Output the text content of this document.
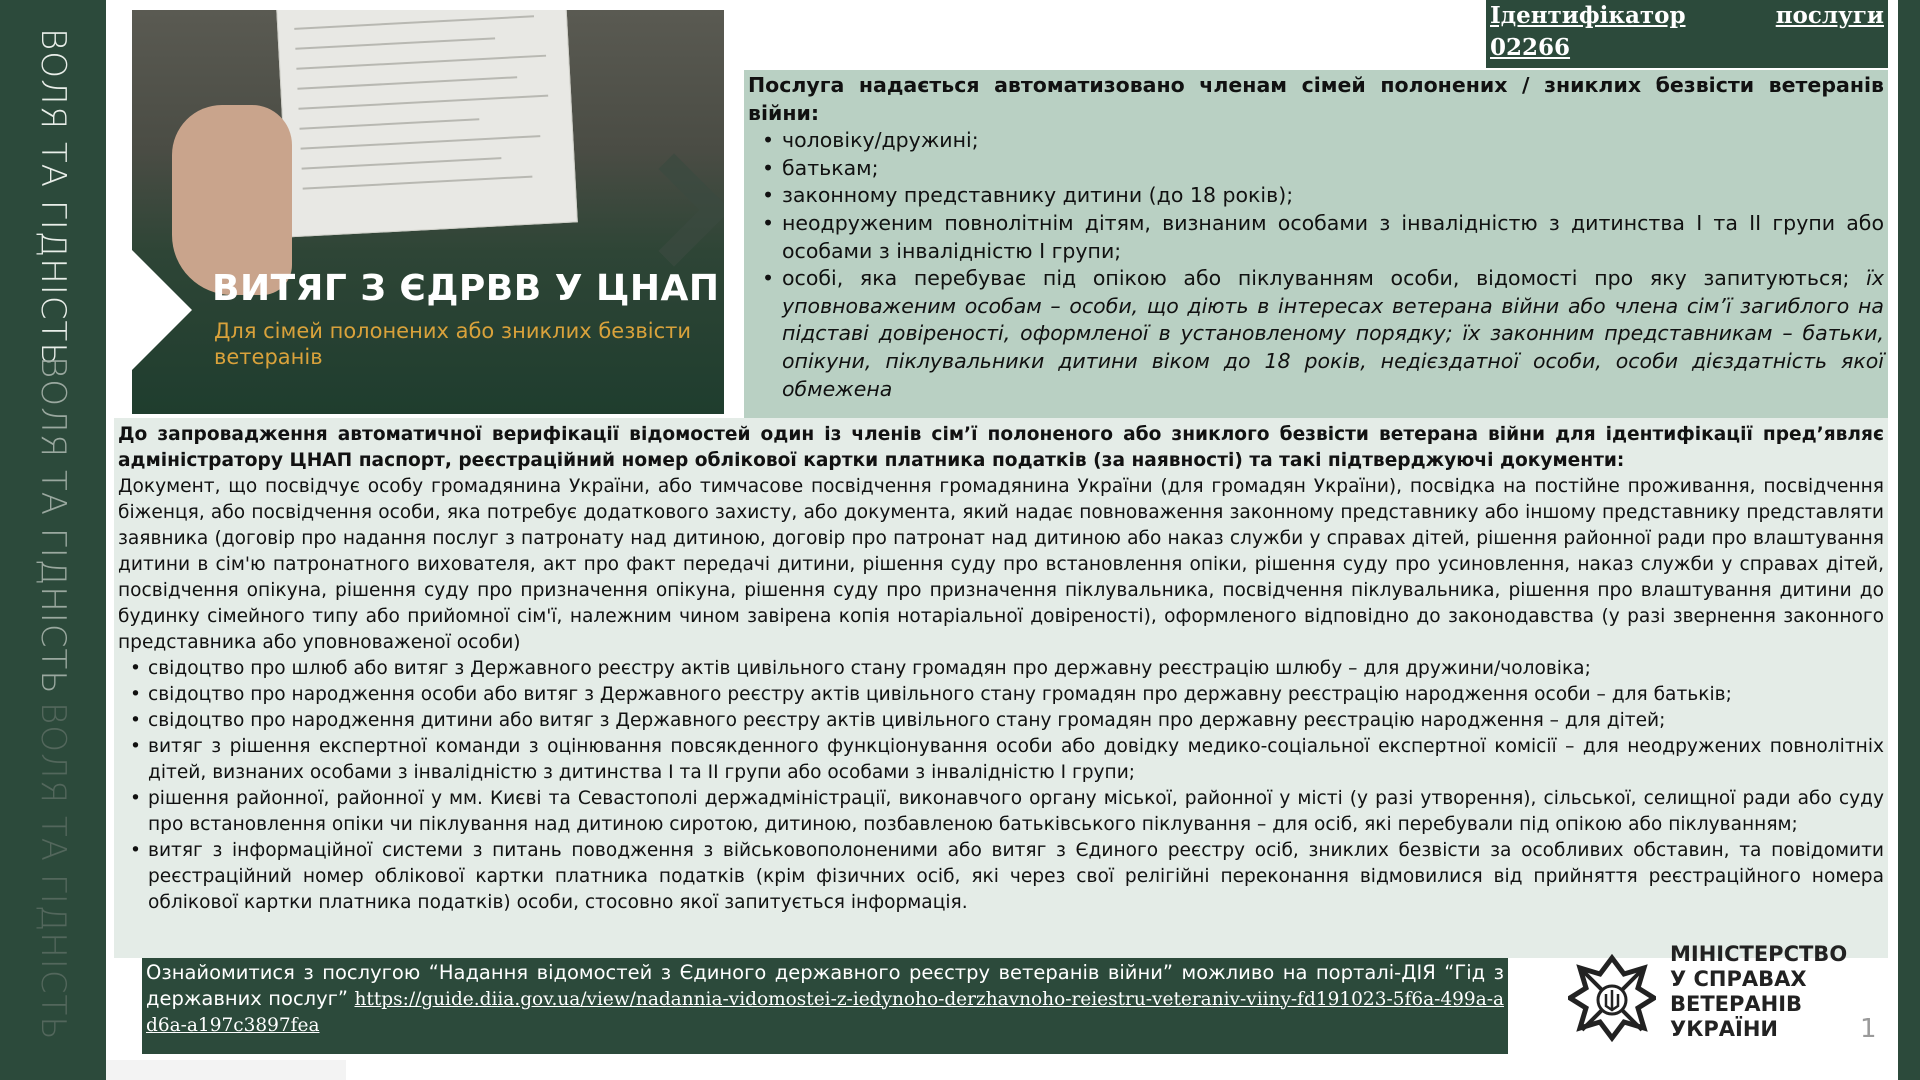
ВОЛЯ ТА ГІДНІСТЬ
ВОЛЯ ТА ГІДНІСТЬ
ВОЛЯ ТА ГІДНІСТЬ
ВИТЯГ З ЄДРВВ У ЦНАП
Для сімей полонених або зниклих безвісти ветеранів
Ідентифікатор	послуги
02266
Послуга надається автоматизовано членам сімей полонених / зниклих безвісти ветеранів війни:
• чоловіку/дружині;
• батькам;
• законному представнику дитини (до 18 років);
• неодруженим повнолітнім дітям, визнаним особами з інвалідністю з дитинства I та II групи або особами з інвалідністю I групи;
• особі, яка перебуває під опікою або піклуванням особи, відомості про яку запитуються; їх уповноваженим особам – особи, що діють в інтересах ветерана війни або члена сім’ї загиблого на підставі довіреності, оформленої в установленому порядку; їх законним представникам – батьки, опікуни, піклувальники дитини віком до 18 років, недієздатної особи, особи дієздатність якої обмежена
До запровадження автоматичної верифікації відомостей один із членів сім’ї полоненого або зниклого безвісти ветерана війни для ідентифікації пред’являє адміністратору ЦНАП паспорт, реєстраційний номер облікової картки платника податків (за наявності) та такі підтверджуючі документи:
Документ, що посвідчує особу громадянина України, або тимчасове посвідчення громадянина України (для громадян України), посвідка на постійне проживання, посвідчення біженця, або посвідчення особи, яка потребує додаткового захисту, або документа, який надає повноваження законному представнику або іншому представнику представляти заявника (договір про надання послуг з патронату над дитиною, договір про патронат над дитиною або наказ служби у справах дітей, рішення районної ради про влаштування дитини в сім'ю патронатного вихователя, акт про факт передачі дитини, рішення суду про встановлення опіки, рішення суду про усиновлення, наказ служби у справах дітей, посвідчення опікуна, рішення суду про призначення опікуна, рішення суду про призначення піклувальника, посвідчення піклувальника, рішення про влаштування дитини до будинку сімейного типу або прийомної сім'ї, належним чином завірена копія нотаріальної довіреності), оформленого відповідно до законодавства (у разі звернення законного представника або уповноваженої особи)
• свідоцтво про шлюб або витяг з Державного реєстру актів цивільного стану громадян про державну реєстрацію шлюбу – для дружини/чоловіка;
• свідоцтво про народження особи або витяг з Державного реєстру актів цивільного стану громадян про державну реєстрацію народження особи – для батьків;
• свідоцтво про народження дитини або витяг з Державного реєстру актів цивільного стану громадян про державну реєстрацію народження – для дітей;
• витяг з рішення експертної команди з оцінювання повсякденного функціонування особи або довідку медико-соціальної експертної комісії – для неодружених повнолітніх дітей, визнаних особами з інвалідністю з дитинства I та II групи або особами з інвалідністю I групи;
• рішення районної, районної у мм. Києві та Севастополі держадміністрації, виконавчого органу міської, районної у місті (у разі утворення), сільської, селищної ради або суду про встановлення опіки чи піклування над дитиною сиротою, дитиною, позбавленою батьківського піклування – для осіб, які перебували під опікою або піклуванням;
• витяг з інформаційної системи з питань поводження з військовополоненими або витяг з Єдиного реєстру осіб, зниклих безвісти за особливих обставин, та повідомити реєстраційний номер облікової картки платника податків (крім фізичних осіб, які через свої релігійні переконання відмовилися від прийняття реєстраційного номера облікової картки платника податків) особи, стосовно якої запитується інформація.
Ознайомитися з послугою “Надання відомостей з Єдиного державного реєстру ветеранів війни” можливо на порталі-ДІЯ “Гід з державних послуг” https://guide.diia.gov.ua/view/nadannia-vidomostei-z-iedynoho-derzhavnoho-reiestru-veteraniv-viiny-fd191023-5f6a-499a-ad6a-a197c3897fea
МІНІСТЕРСТВО
У СПРАВАХ
ВЕТЕРАНІВ
УКРАЇНИ	1
